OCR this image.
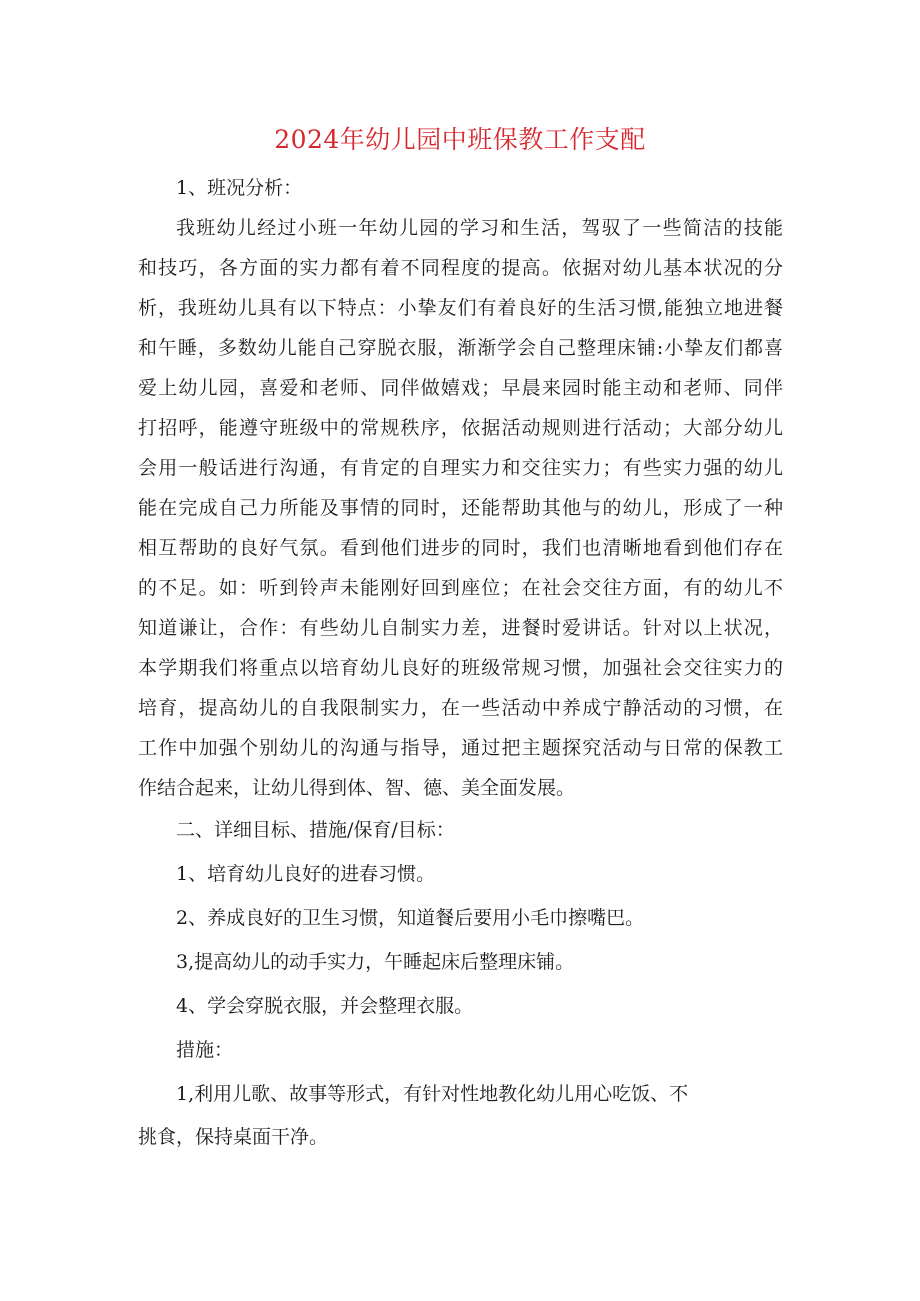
2024年幼儿园中班保教工作支配
1、班况分析：
我班幼儿经过小班一年幼儿园的学习和生活，驾驭了一些简洁的技能
和技巧，各方面的实力都有着不同程度的提高。依据对幼儿基本状况的分
析，我班幼儿具有以下特点：小挚友们有着良好的生活习惯,能独立地进餐
和午睡，多数幼儿能自己穿脱衣服，渐渐学会自己整理床铺:小挚友们都喜
爱上幼儿园，喜爱和老师、同伴做嬉戏；早晨来园时能主动和老师、同伴
打招呼，能遵守班级中的常规秩序，依据活动规则进行活动；大部分幼儿
会用一般话进行沟通，有肯定的自理实力和交往实力；有些实力强的幼儿
能在完成自己力所能及事情的同时，还能帮助其他与的幼儿，形成了一种
相互帮助的良好气氛。看到他们进步的同时，我们也清晰地看到他们存在
的不足。如：听到铃声未能刚好回到座位；在社会交往方面，有的幼儿不
知道谦让，合作：有些幼儿自制实力差，进餐时爱讲话。针对以上状况，
本学期我们将重点以培育幼儿良好的班级常规习惯，加强社会交往实力的
培育，提高幼儿的自我限制实力，在一些活动中养成宁静活动的习惯，在
工作中加强个别幼儿的沟通与指导，通过把主题探究活动与日常的保教工
作结合起来，让幼儿得到体、智、德、美全面发展。
二、详细目标、措施/保育/目标：
1、培育幼儿良好的进春习惯。
2、养成良好的卫生习惯，知道餐后要用小毛巾擦嘴巴。
3,提高幼儿的动手实力，午睡起床后整理床铺。
4、学会穿脱衣服，并会整理衣服。
措施：
1,利用儿歌、故事等形式，有针对性地教化幼儿用心吃饭、不
挑食，保持桌面干净。
